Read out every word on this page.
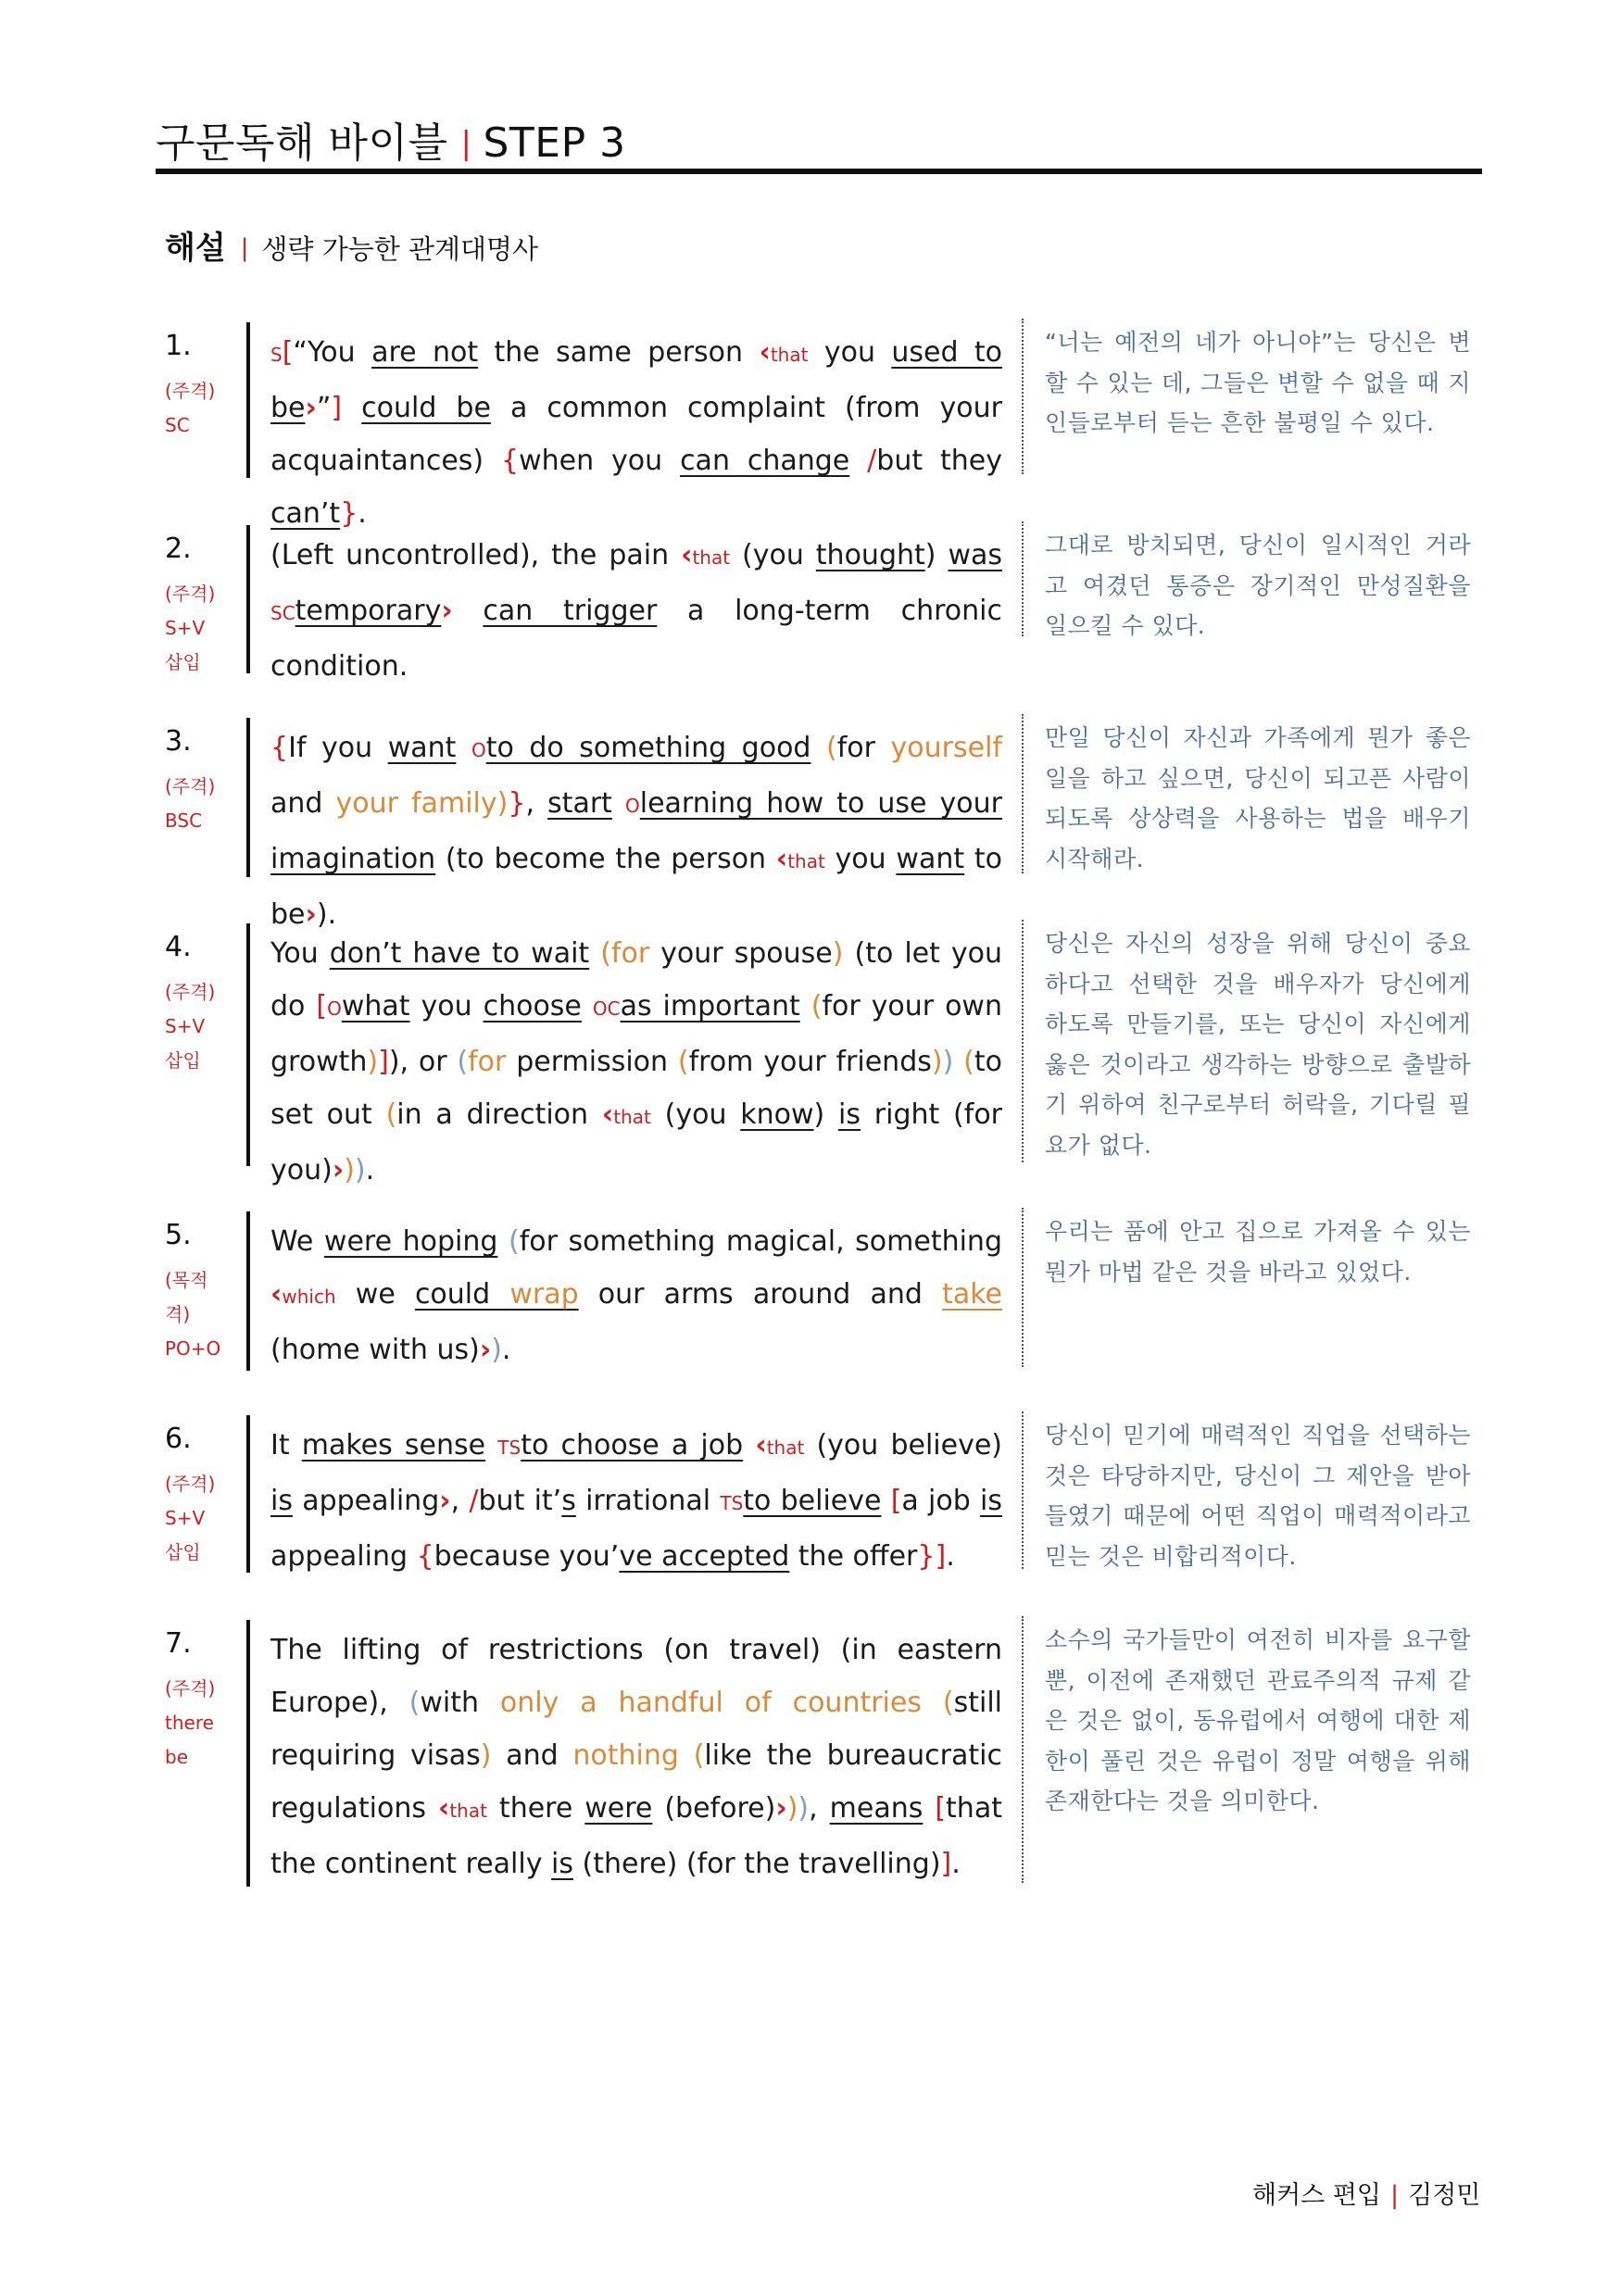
구문독해 바이블 | STEP 3
해설 | 생략 가능한 관계대명사
1.
(주격)
SC
S[“You are not the same person ‹that you used to be›”] could be a common complaint (from your acquaintances) {when you can change /but they can’t}.
“너는 예전의 네가 아니야”는 당신은 변할 수 있는 데, 그들은 변할 수 없을 때 지인들로부터 듣는 흔한 불평일 수 있다.
2.
(주격)
S+V
삽입
(Left uncontrolled), the pain ‹that (you thought) was SCtemporary› can trigger a long-term chronic condition.
그대로 방치되면, 당신이 일시적인 거라고 여겼던 통증은 장기적인 만성질환을 일으킬 수 있다.
3.
(주격)
BSC
{If you want Oto do something good (for yourself and your family)}, start Olearning how to use your imagination (to become the person ‹that you want to be›).
만일 당신이 자신과 가족에게 뭔가 좋은 일을 하고 싶으면, 당신이 되고픈 사람이 되도록 상상력을 사용하는 법을 배우기 시작해라.
4.
(주격)
S+V
삽입
You don’t have to wait (for your spouse) (to let you do [Owhat you choose OCas important (for your own growth)]), or (for permission (from your friends)) (to set out (in a direction ‹that (you know) is right (for you)›)).
당신은 자신의 성장을 위해 당신이 중요하다고 선택한 것을 배우자가 당신에게 하도록 만들기를, 또는 당신이 자신에게 옳은 것이라고 생각하는 방향으로 출발하기 위하여 친구로부터 허락을, 기다릴 필요가 없다.
5.
(목적
격)
PO+O
We were hoping (for something magical, something ‹which we could wrap our arms around and take (home with us)›).
우리는 품에 안고 집으로 가져올 수 있는 뭔가 마법 같은 것을 바라고 있었다.
6.
(주격)
S+V
삽입
It makes sense TSto choose a job ‹that (you believe) is appealing›, /but it’s irrational TSto believe [a job is appealing {because you’ve accepted the offer}].
당신이 믿기에 매력적인 직업을 선택하는 것은 타당하지만, 당신이 그 제안을 받아들였기 때문에 어떤 직업이 매력적이라고 믿는 것은 비합리적이다.
7.
(주격)
there
be
The lifting of restrictions (on travel) (in eastern Europe), (with only a handful of countries (still requiring visas) and nothing (like the bureaucratic regulations ‹that there were (before)›)), means [that the continent really is (there) (for the travelling)].
소수의 국가들만이 여전히 비자를 요구할 뿐, 이전에 존재했던 관료주의적 규제 같은 것은 없이, 동유럽에서 여행에 대한 제한이 풀린 것은 유럽이 정말 여행을 위해 존재한다는 것을 의미한다.
해커스 편입 | 김정민
